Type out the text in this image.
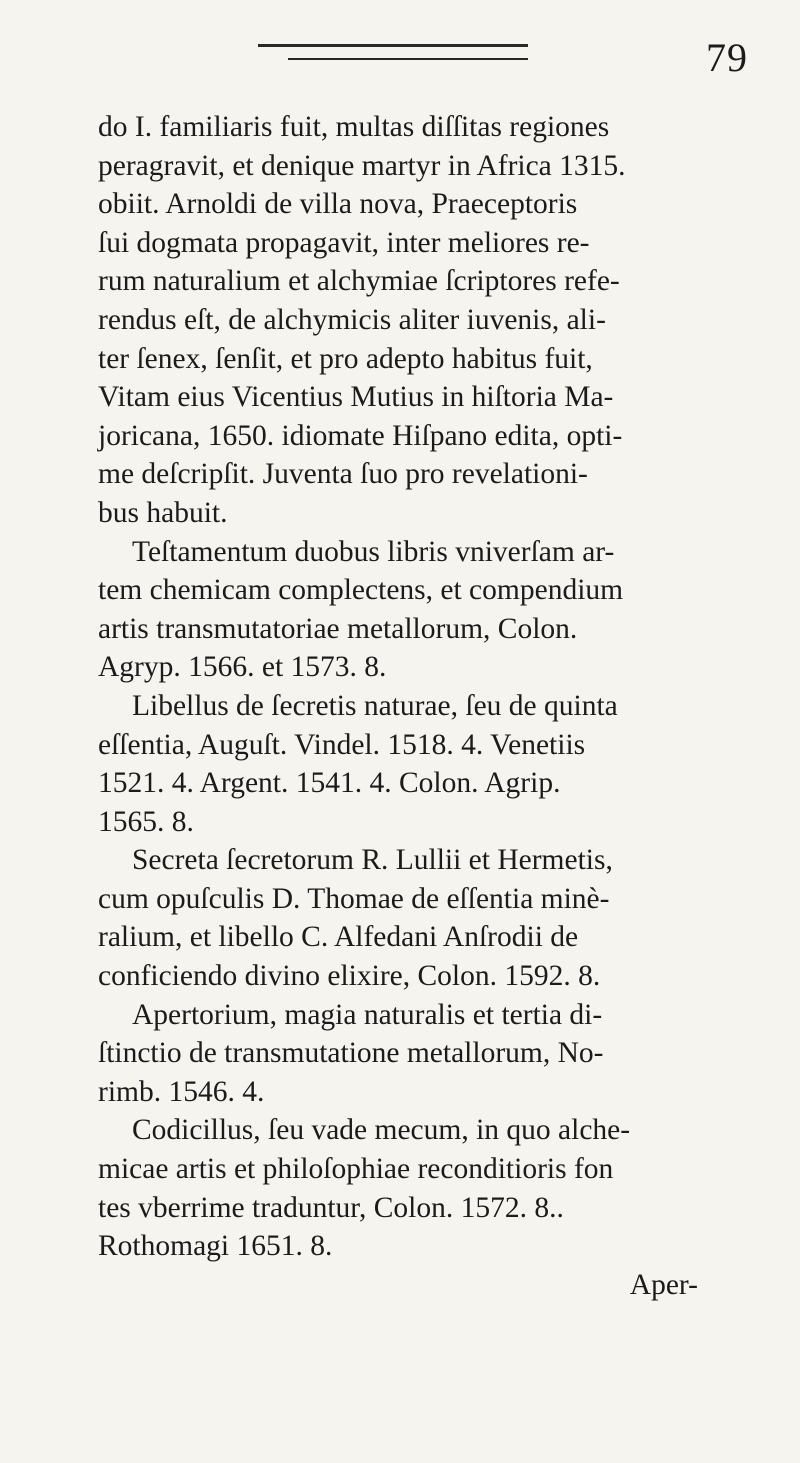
79
do I. familiaris fuit, multas diſſitas regiones
peragravit, et denique martyr in Africa 1315.
obiit. Arnoldi de villa nova, Praeceptoris
ſui dogmata propagavit, inter meliores re-
rum naturalium et alchymiae ſcriptores refe-
rendus eſt, de alchymicis aliter iuvenis, ali-
ter ſenex, ſenſit, et pro adepto habitus fuit,
Vitam eius Vicentius Mutius in hiſtoria Ma-
joricana, 1650. idiomate Hiſpano edita, opti-
me deſcripſit. Juventa ſuo pro revelationi-
bus habuit.
Teſtamentum duobus libris vniverſam ar-
tem chemicam complectens, et compendium
artis transmutatoriae metallorum, Colon.
Agryp. 1566. et 1573. 8.
Libellus de ſecretis naturae, ſeu de quinta
eſſentia, Auguſt. Vindel. 1518. 4. Venetiis
1521. 4. Argent. 1541. 4. Colon. Agrip.
1565. 8.
Secreta ſecretorum R. Lullii et Hermetis,
cum opuſculis D. Thomae de eſſentia minè-
ralium, et libello C. Alfedani Anſrodii de
conficiendo divino elixire, Colon. 1592. 8.
Apertorium, magia naturalis et tertia di-
ſtinctio de transmutatione metallorum, No-
rimb. 1546. 4.
Codicillus, ſeu vade mecum, in quo alche-
micae artis et philoſophiae reconditioris fon
tes vberrime traduntur, Colon. 1572. 8..
Rothomagi 1651. 8.
Aper-
